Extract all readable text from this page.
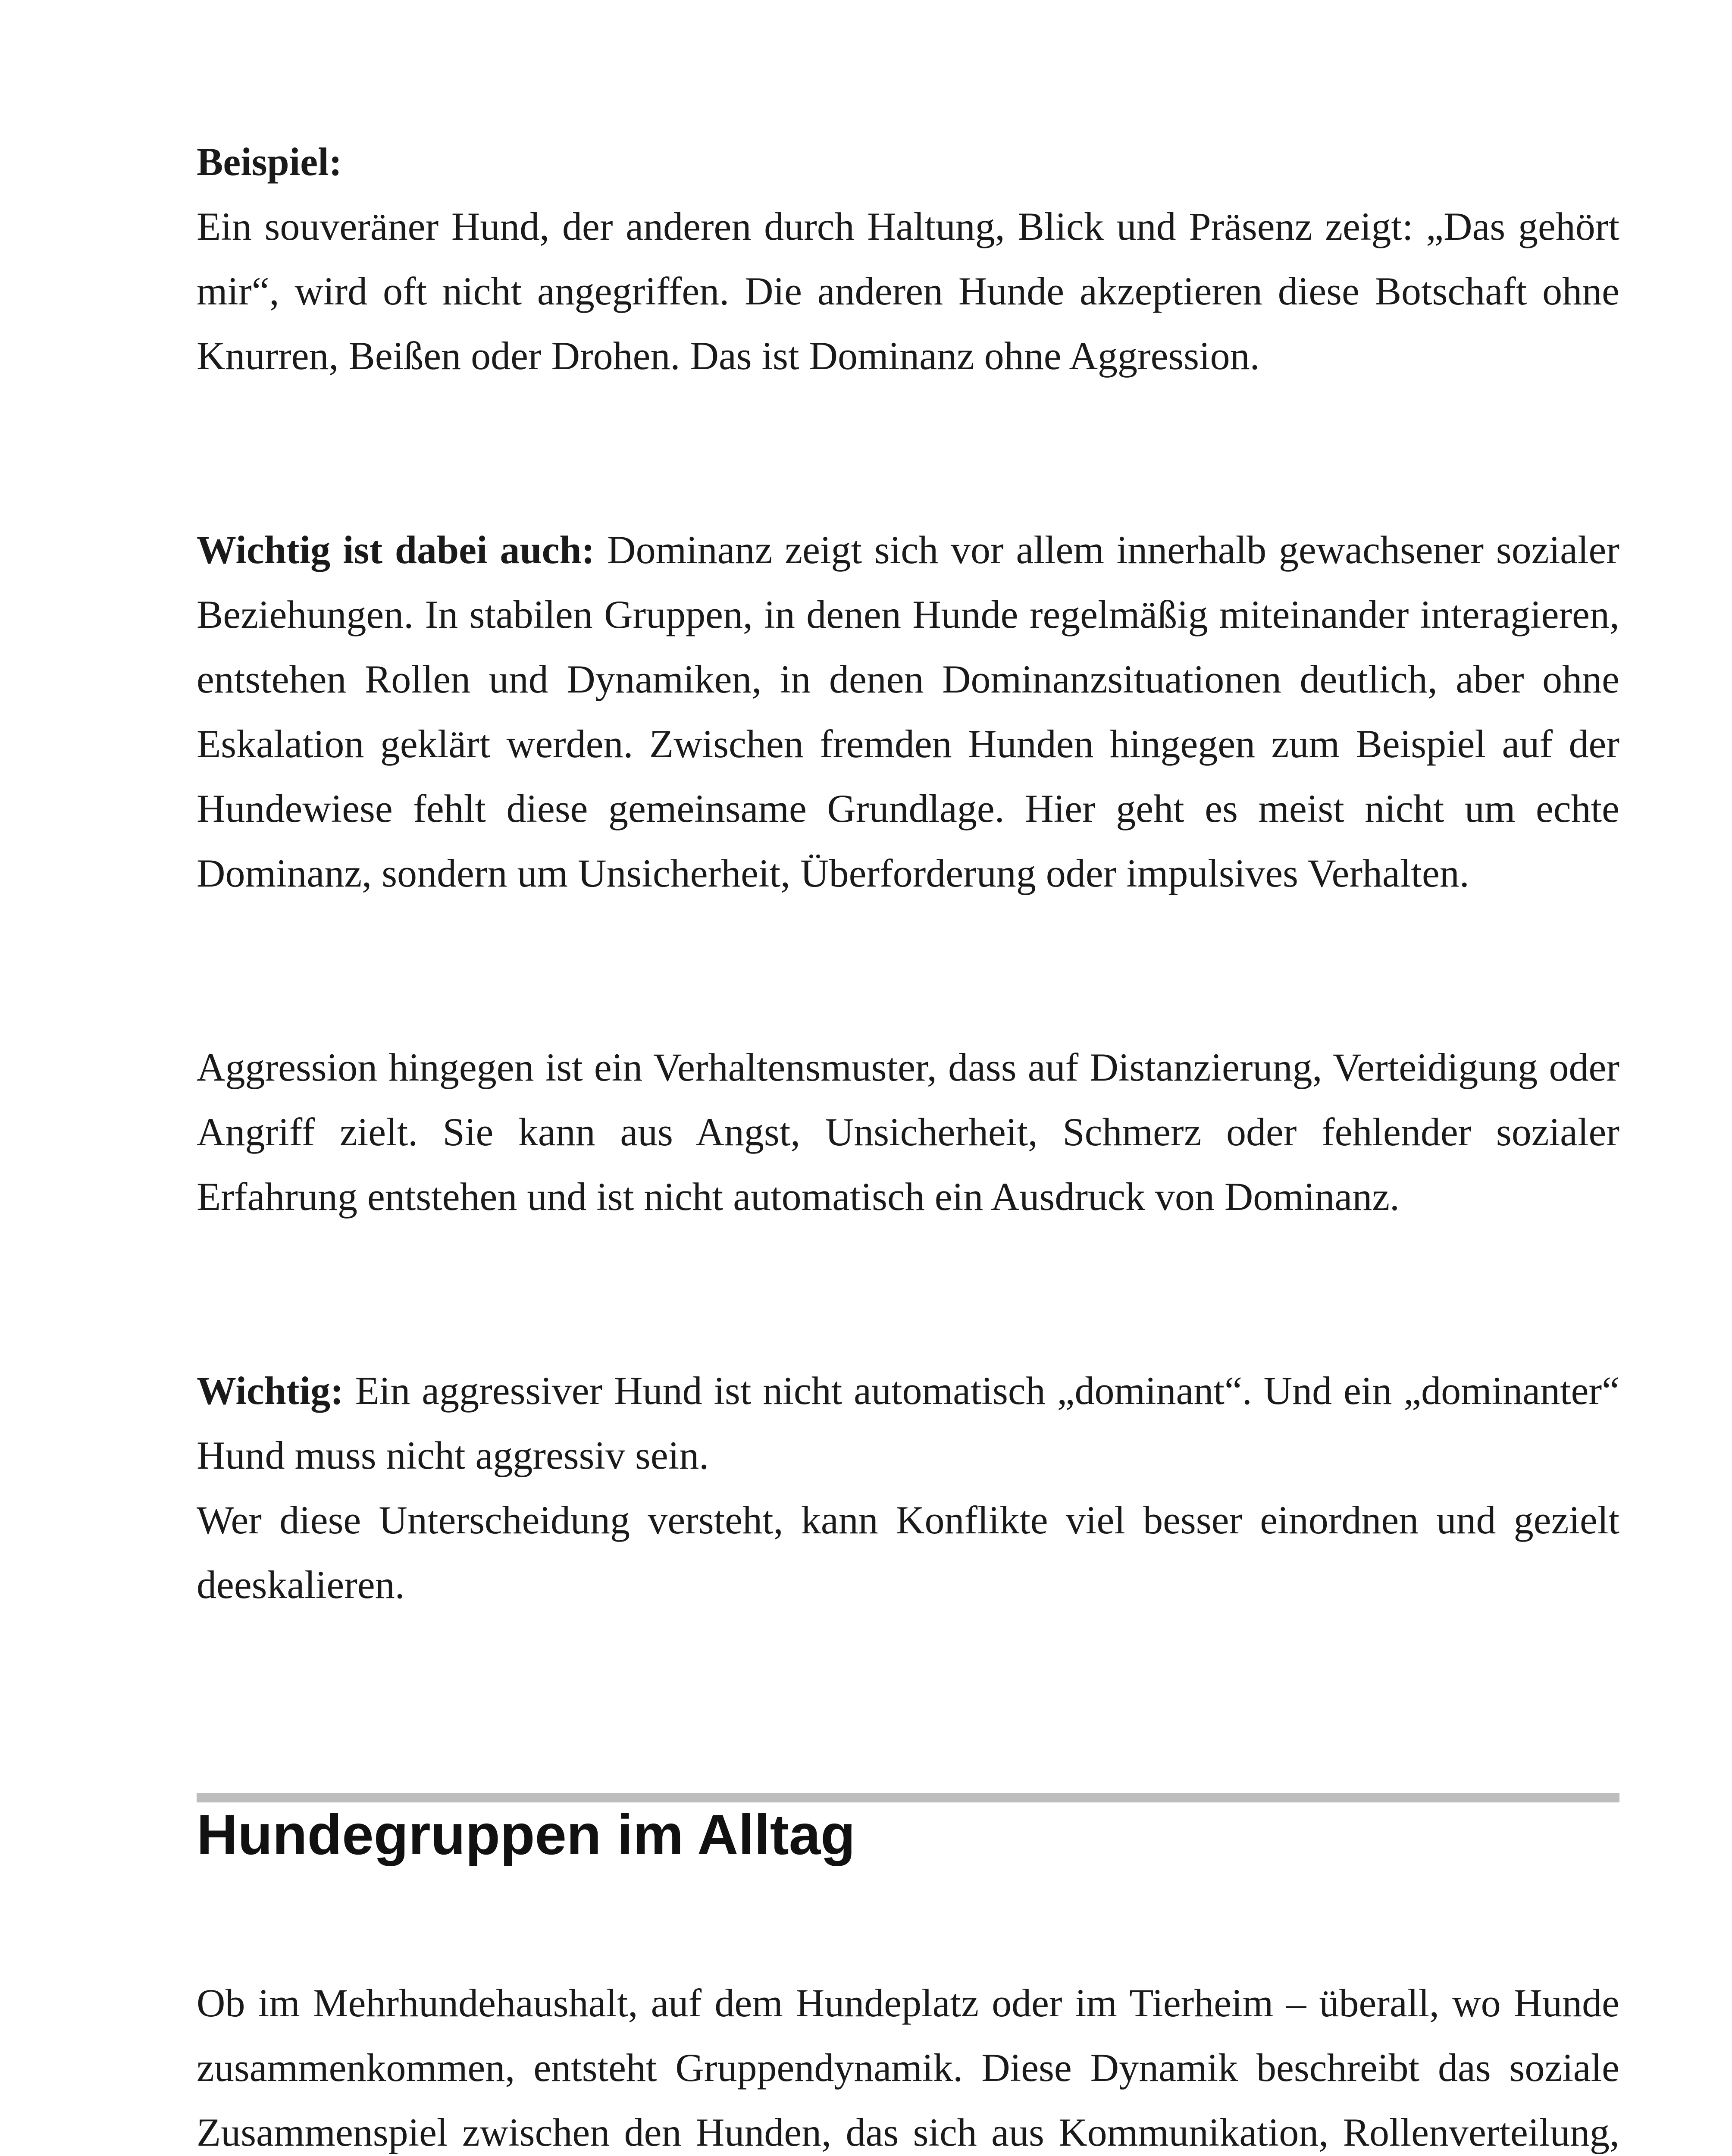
Beispiel:
Ein souveräner Hund, der anderen durch Haltung, Blick und Präsenz zeigt: „Das gehört mir“, wird oft nicht angegriffen. Die anderen Hunde akzeptieren diese Botschaft ohne Knurren, Beißen oder Drohen. Das ist Dominanz ohne Aggression.

Wichtig ist dabei auch: Dominanz zeigt sich vor allem innerhalb gewachsener sozialer Beziehungen. In stabilen Gruppen, in denen Hunde regelmäßig miteinander interagieren, entstehen Rollen und Dynamiken, in denen Dominanzsituationen deutlich, aber ohne Eskalation geklärt werden. Zwischen fremden Hunden hingegen zum Beispiel auf der Hundewiese fehlt diese gemeinsame Grundlage. Hier geht es meist nicht um echte Dominanz, sondern um Unsicherheit, Überforderung oder impulsives Verhalten.

Aggression hingegen ist ein Verhaltensmuster, dass auf Distanzierung, Verteidigung oder Angriff zielt. Sie kann aus Angst, Unsicherheit, Schmerz oder fehlender sozialer Erfahrung entstehen und ist nicht automatisch ein Ausdruck von Dominanz.

Wichtig: Ein aggressiver Hund ist nicht automatisch „dominant“. Und ein „dominanter“ Hund muss nicht aggressiv sein.
Wer diese Unterscheidung versteht, kann Konflikte viel besser einordnen und gezielt deeskalieren.
Hundegruppen im Alltag

Ob im Mehrhundehaushalt, auf dem Hundeplatz oder im Tierheim – überall, wo Hunde zusammenkommen, entsteht Gruppendynamik. Diese Dynamik beschreibt das soziale Zusammenspiel zwischen den Hunden, das sich aus Kommunikation, Rollenverteilung,
